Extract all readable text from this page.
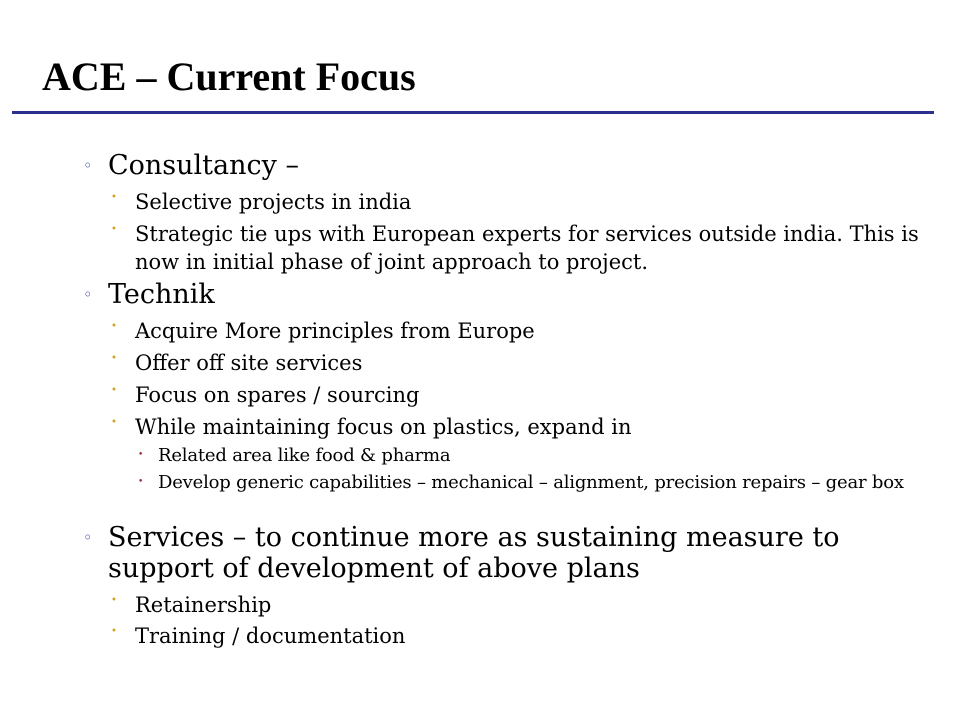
ACE – Current Focus
◦ Consultancy –
• Selective projects in india
• Strategic tie ups with European experts for services outside india. This is now in initial phase of joint approach to project.
◦ Technik
• Acquire More principles from Europe
• Offer off site services
• Focus on spares / sourcing
• While maintaining focus on plastics, expand in
• Related area like food & pharma
• Develop generic capabilities – mechanical – alignment, precision repairs – gear box
◦ Services – to continue more as sustaining measure to support of development of above plans
• Retainership
• Training / documentation
